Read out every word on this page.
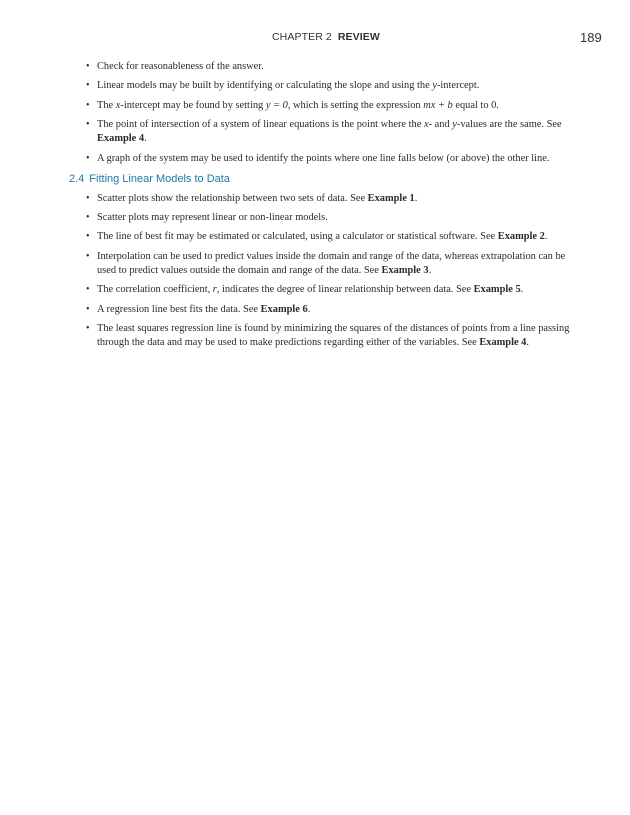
CHAPTER 2 REVIEW	189
• Check for reasonableness of the answer.
• Linear models may be built by identifying or calculating the slope and using the y-intercept.
• The x-intercept may be found by setting y = 0, which is setting the expression mx + b equal to 0.
• The point of intersection of a system of linear equations is the point where the x- and y-values are the same. See Example 4.
• A graph of the system may be used to identify the points where one line falls below (or above) the other line.
2.4 Fitting Linear Models to Data
• Scatter plots show the relationship between two sets of data. See Example 1.
• Scatter plots may represent linear or non-linear models.
• The line of best fit may be estimated or calculated, using a calculator or statistical software. See Example 2.
• Interpolation can be used to predict values inside the domain and range of the data, whereas extrapolation can be used to predict values outside the domain and range of the data. See Example 3.
• The correlation coefficient, r, indicates the degree of linear relationship between data. See Example 5.
• A regression line best fits the data. See Example 6.
• The least squares regression line is found by minimizing the squares of the distances of points from a line passing through the data and may be used to make predictions regarding either of the variables. See Example 4.
